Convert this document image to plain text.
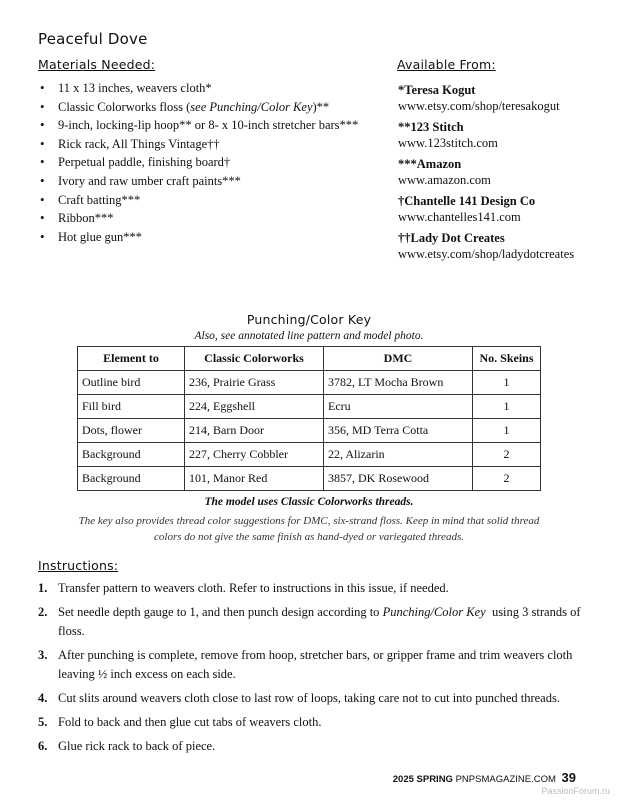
Peaceful Dove
Materials Needed:
• 11 x 13 inches, weavers cloth*
• Classic Colorworks floss (see Punching/Color Key)**
• 9-inch, locking-lip hoop** or 8- x 10-inch stretcher bars***
• Rick rack, All Things Vintage††
• Perpetual paddle, finishing board†
• Ivory and raw umber craft paints***
• Craft batting***
• Ribbon***
• Hot glue gun***
Available From:
*Teresa Kogut
www.etsy.com/shop/teresakogut
**123 Stitch
www.123stitch.com
***Amazon
www.amazon.com
†Chantelle 141 Design Co
www.chantelles141.com
††Lady Dot Creates
www.etsy.com/shop/ladydotcreates
Punching/Color Key
Also, see annotated line pattern and model photo.
Element to	Classic Colorworks	DMC	No. Skeins
Outline bird	236, Prairie Grass	3782, LT Mocha Brown	1
Fill bird	224, Eggshell	Ecru	1
Dots, flower	214, Barn Door	356, MD Terra Cotta	1
Background	227, Cherry Cobbler	22, Alizarin	2
Background	101, Manor Red	3857, DK Rosewood	2
The model uses Classic Colorworks threads.
The key also provides thread color suggestions for DMC, six-strand floss. Keep in mind that solid thread colors do not give the same finish as hand-dyed or variegated threads.
Instructions:
1. Transfer pattern to weavers cloth. Refer to instructions in this issue, if needed.
2. Set needle depth gauge to 1, and then punch design according to Punching/Color Key  using 3 strands of floss.
3. After punching is complete, remove from hoop, stretcher bars, or gripper frame and trim weavers cloth leaving ½ inch excess on each side.
4. Cut slits around weavers cloth close to last row of loops, taking care not to cut into punched threads.
5. Fold to back and then glue cut tabs of weavers cloth.
6. Glue rick rack to back of piece.
2025 SPRING PNPSMAGAZINE.COM 39
PassionForum.ru
